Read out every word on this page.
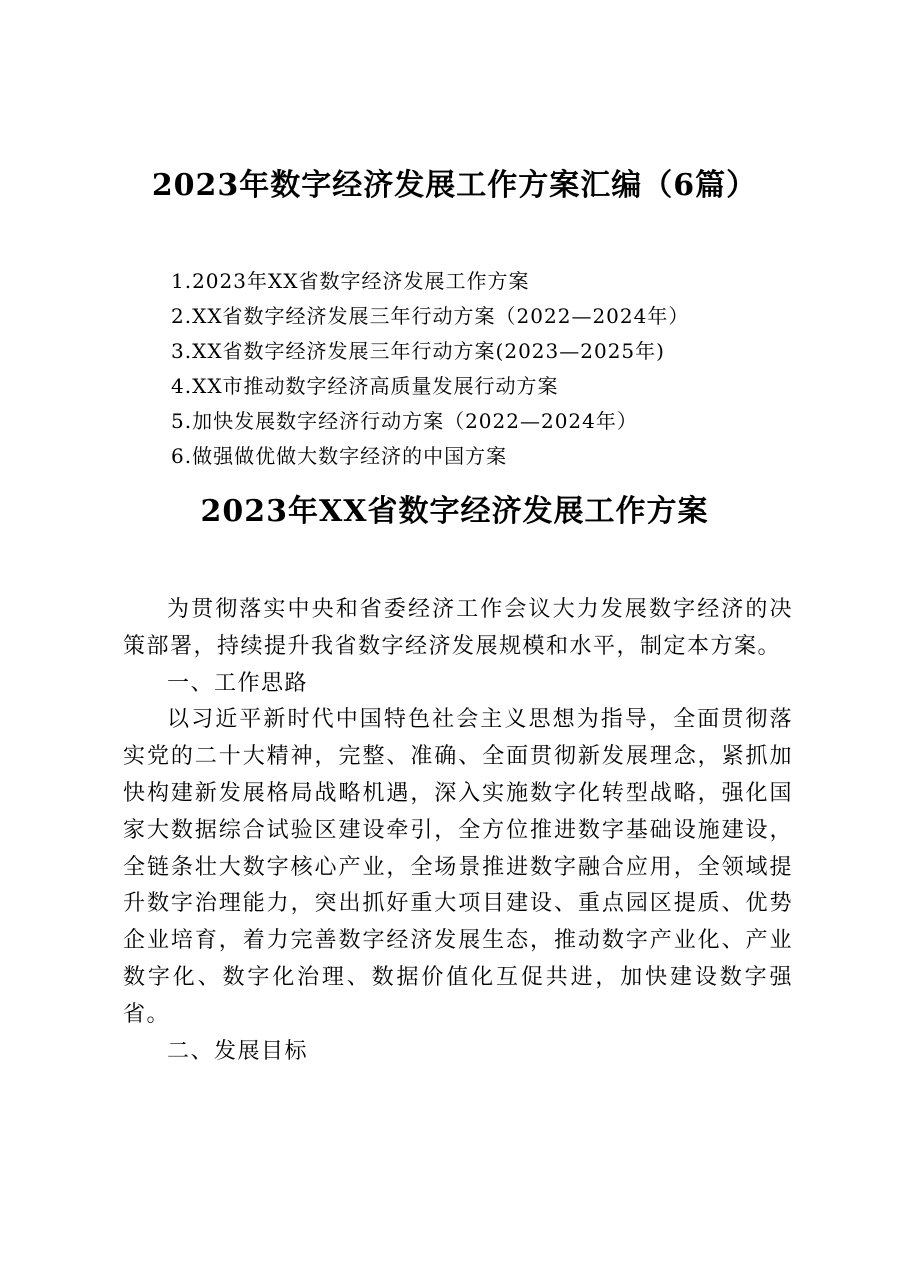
2023年数字经济发展工作方案汇编（6篇）
1.2023年XX省数字经济发展工作方案
2.XX省数字经济发展三年行动方案（2022—2024年）
3.XX省数字经济发展三年行动方案(2023—2025年)
4.XX市推动数字经济高质量发展行动方案
5.加快发展数字经济行动方案（2022—2024年）
6.做强做优做大数字经济的中国方案
2023年XX省数字经济发展工作方案

为贯彻落实中央和省委经济工作会议大力发展数字经济的决策部署，持续提升我省数字经济发展规模和水平，制定本方案。

一、工作思路

以习近平新时代中国特色社会主义思想为指导，全面贯彻落实党的二十大精神，完整、准确、全面贯彻新发展理念，紧抓加快构建新发展格局战略机遇，深入实施数字化转型战略，强化国家大数据综合试验区建设牵引，全方位推进数字基础设施建设，全链条壮大数字核心产业，全场景推进数字融合应用，全领域提升数字治理能力，突出抓好重大项目建设、重点园区提质、优势企业培育，着力完善数字经济发展生态，推动数字产业化、产业数字化、数字化治理、数据价值化互促共进，加快建设数字强省。

二、发展目标
